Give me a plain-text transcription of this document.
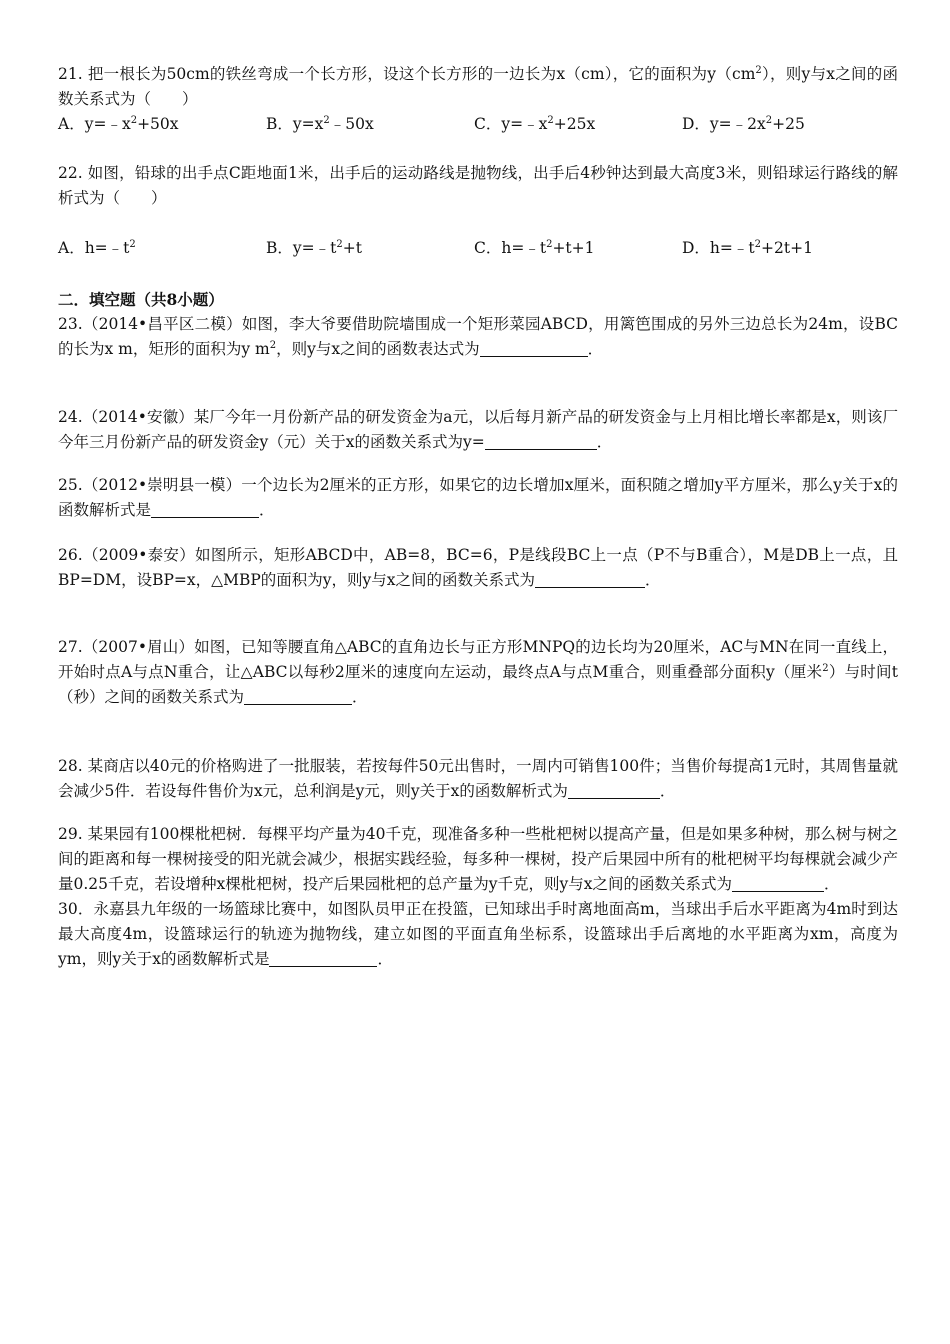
21. 把一根长为50cm的铁丝弯成一个长方形，设这个长方形的一边长为x（cm），它的面积为$y(cm^2)$，则y与x之间的函数关系式为（　　）

A．$y=﹣x^2+50x$	B．$y=x^2﹣50x$	C．$y=﹣x^2+25x$	D．$y=﹣2x^2+25$

22. 如图，铅球的出手点C距地面1米，出手后的运动路线是抛物线，出手后4秒钟达到最大高度3米，则铅球运行路线的解析式为（　　）

A．$h=﹣t^2$	B．$y=﹣t^2+t$	C．$h=﹣t^2+t+1$	D．$h=﹣t^2+2t+1$

二．填空题（共8小题）

23.（2014•昌平区二模）如图，李大爷要借助院墙围成一个矩形菜园ABCD，用篱笆围成的另外三边总长为24m，设BC的长为x m，矩形的面积为y $m^2$，则y与x之间的函数表达式为	．

24.（2014•安徽）某厂今年一月份新产品的研发资金为a元，以后每月新产品的研发资金与上月相比增长率都是x，则该厂今年三月份新产品的研发资金y（元）关于x的函数关系式为y=	．

25.（2012•崇明县一模）一个边长为2厘米的正方形，如果它的边长增加x厘米，面积随之增加y平方厘米，那么y关于x的函数解析式是	．

26.（2009•泰安）如图所示，矩形ABCD中，AB=8，BC=6，P是线段BC上一点（P不与B重合），M是DB上一点，且BP=DM，设BP=x，△MBP的面积为y，则y与x之间的函数关系式为	．

27.（2007•眉山）如图，已知等腰直角△ABC的直角边长与正方形MNPQ的边长均为20厘米，AC与MN在同一直线上，开始时点A与点N重合，让△ABC以每秒2厘米的速度向左运动，最终点A与点M重合，则重叠部分面积y（厘米$^2$）与时间t（秒）之间的函数关系式为	．

28. 某商店以40元的价格购进了一批服装，若按每件50元出售时，一周内可销售100件；当售价每提高1元时，其周售量就会减少5件．若设每件售价为x元，总利润是y元，则y关于x的函数解析式为	．

29. 某果园有100棵枇杷树．每棵平均产量为40千克，现准备多种一些枇杷树以提高产量，但是如果多种树，那么树与树之间的距离和每一棵树接受的阳光就会减少，根据实践经验，每多种一棵树，投产后果园中所有的枇杷树平均每棵就会减少产量0.25千克，若设增种x棵枇杷树，投产后果园枇杷的总产量为y千克，则y与x之间的函数关系式为	．

30．永嘉县九年级的一场篮球比赛中，如图队员甲正在投篮，已知球出手时离地面高m，当球出手后水平距离为4m时到达最大高度4m，设篮球运行的轨迹为抛物线，建立如图的平面直角坐标系，设篮球出手后离地的水平距离为xm，高度为ym，则y关于x的函数解析式是	．
